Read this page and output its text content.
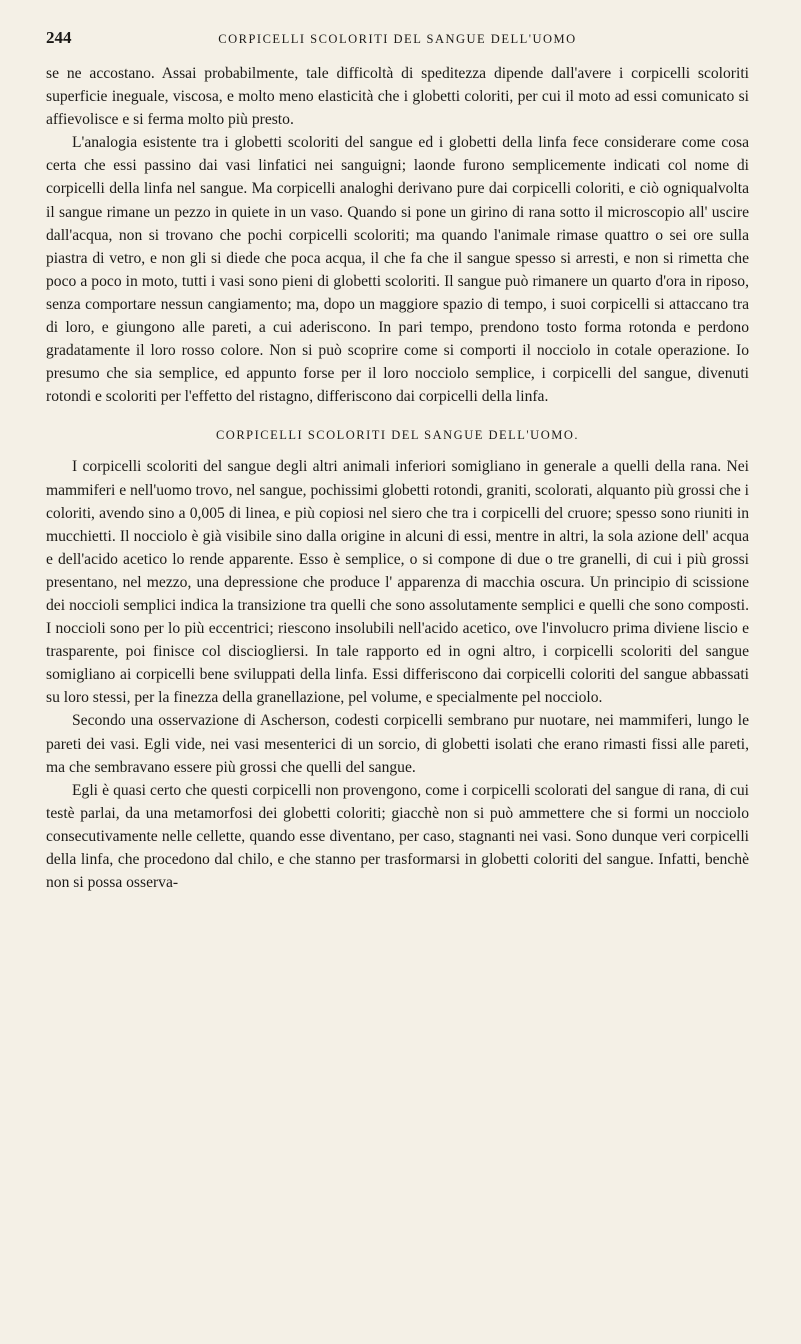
244	CORPICELLI SCOLORITI DEL SANGUE DELL'UOMO

se ne accostano. Assai probabilmente, tale difficoltà di speditezza dipende dall'avere i corpicelli scoloriti superficie ineguale, viscosa, e molto meno elasticità che i globetti coloriti, per cui il moto ad essi comunicato si affievolisce e si ferma molto più presto.

L'analogia esistente tra i globetti scoloriti del sangue ed i globetti della linfa fece considerare come cosa certa che essi passino dai vasi linfatici nei sanguigni; laonde furono semplicemente indicati col nome di corpicelli della linfa nel sangue. Ma corpicelli analoghi derivano pure dai corpicelli coloriti, e ciò ogniqualvolta il sangue rimane un pezzo in quiete in un vaso. Quando si pone un girino di rana sotto il microscopio all' uscire dall'acqua, non si trovano che pochi corpicelli scoloriti; ma quando l'animale rimase quattro o sei ore sulla piastra di vetro, e non gli si diede che poca acqua, il che fa che il sangue spesso si arresti, e non si rimetta che poco a poco in moto, tutti i vasi sono pieni di globetti scoloriti. Il sangue può rimanere un quarto d'ora in riposo, senza comportare nessun cangiamento; ma, dopo un maggiore spazio di tempo, i suoi corpicelli si attaccano tra di loro, e giungono alle pareti, a cui aderiscono. In pari tempo, prendono tosto forma rotonda e perdono gradatamente il loro rosso colore. Non si può scoprire come si comporti il nocciolo in cotale operazione. Io presumo che sia semplice, ed appunto forse per il loro nocciolo semplice, i corpicelli del sangue, divenuti rotondi e scoloriti per l'effetto del ristagno, differiscono dai corpicelli della linfa.

CORPICELLI SCOLORITI DEL SANGUE DELL'UOMO.

I corpicelli scoloriti del sangue degli altri animali inferiori somigliano in generale a quelli della rana. Nei mammiferi e nell'uomo trovo, nel sangue, pochissimi globetti rotondi, graniti, scolorati, alquanto più grossi che i coloriti, avendo sino a 0,005 di linea, e più copiosi nel siero che tra i corpicelli del cruore; spesso sono riuniti in mucchietti. Il nocciolo è già visibile sino dalla origine in alcuni di essi, mentre in altri, la sola azione dell' acqua e dell'acido acetico lo rende apparente. Esso è semplice, o si compone di due o tre granelli, di cui i più grossi presentano, nel mezzo, una depressione che produce l' apparenza di macchia oscura. Un principio di scissione dei noccioli semplici indica la transizione tra quelli che sono assolutamente semplici e quelli che sono composti. I noccioli sono per lo più eccentrici; riescono insolubili nell'acido acetico, ove l'involucro prima diviene liscio e trasparente, poi finisce col disciogliersi. In tale rapporto ed in ogni altro, i corpicelli scoloriti del sangue somigliano ai corpicelli bene sviluppati della linfa. Essi differiscono dai corpicelli coloriti del sangue abbassati su loro stessi, per la finezza della granellazione, pel volume, e specialmente pel nocciolo.

Secondo una osservazione di Ascherson, codesti corpicelli sembrano pur nuotare, nei mammiferi, lungo le pareti dei vasi. Egli vide, nei vasi mesenterici di un sorcio, di globetti isolati che erano rimasti fissi alle pareti, ma che sembravano essere più grossi che quelli del sangue.

Egli è quasi certo che questi corpicelli non provengono, come i corpicelli scolorati del sangue di rana, di cui testè parlai, da una metamorfosi dei globetti coloriti; giacchè non si può ammettere che si formi un nocciolo consecutivamente nelle cellette, quando esse diventano, per caso, stagnanti nei vasi. Sono dunque veri corpicelli della linfa, che procedono dal chilo, e che stanno per trasformarsi in globetti coloriti del sangue. Infatti, benchè non si possa osserva-
